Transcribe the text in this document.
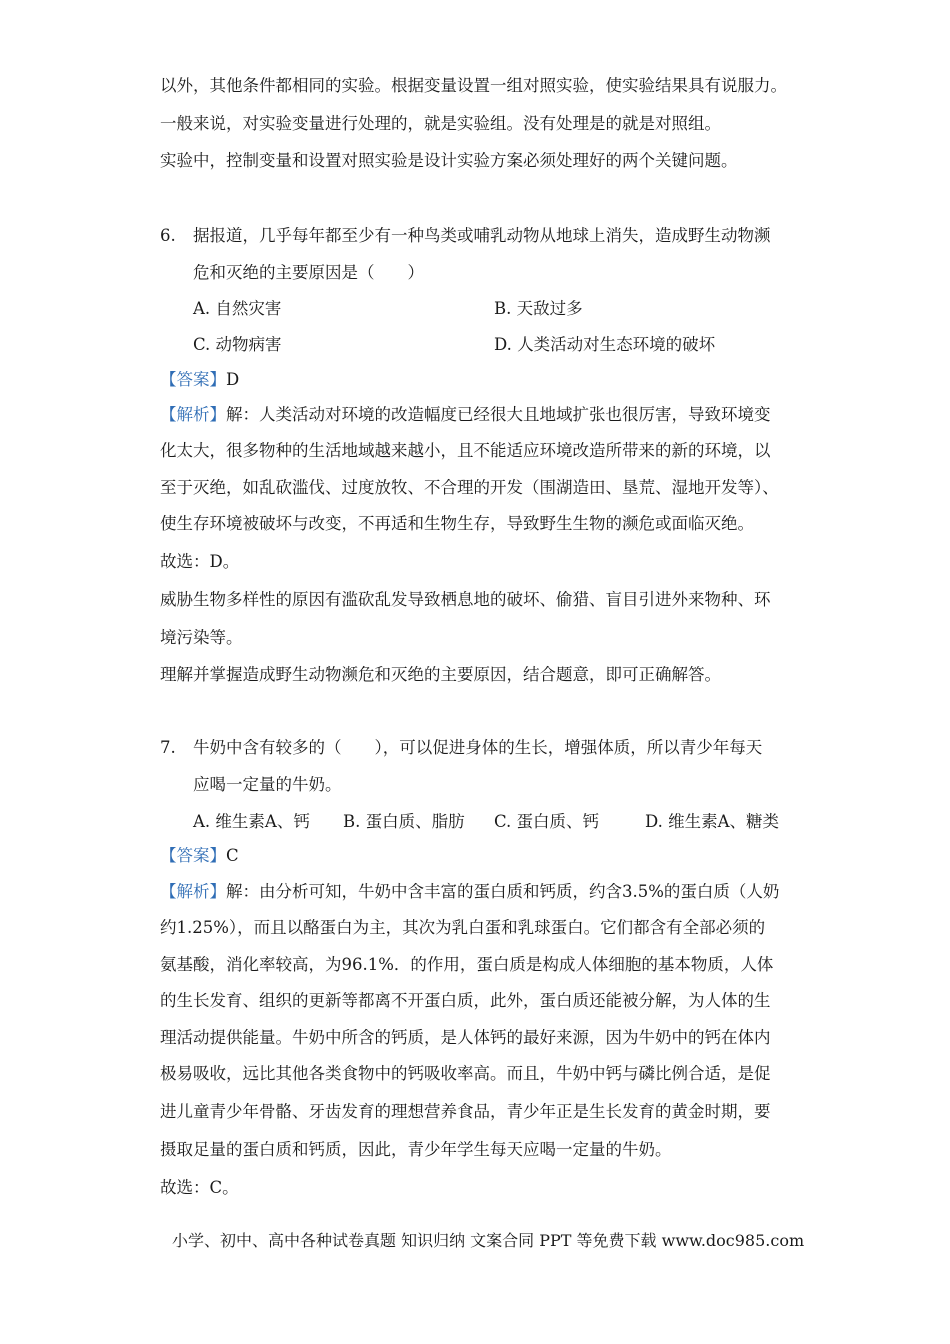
以外，其他条件都相同的实验。根据变量设置一组对照实验，使实验结果具有说服力。
一般来说，对实验变量进行处理的，就是实验组。没有处理是的就是对照组。
实验中，控制变量和设置对照实验是设计实验方案必须处理好的两个关键问题。
6. 据报道，几乎每年都至少有一种鸟类或哺乳动物从地球上消失，造成野生动物濒
危和灭绝的主要原因是（　　）
A. 自然灾害	B. 天敌过多
C. 动物病害	D. 人类活动对生态环境的破坏
【答案】D
【解析】解：人类活动对环境的改造幅度已经很大且地域扩张也很厉害，导致环境变
化太大，很多物种的生活地域越来越小，且不能适应环境改造所带来的新的环境，以
至于灭绝，如乱砍滥伐、过度放牧、不合理的开发（围湖造田、垦荒、湿地开发等）、
使生存环境被破坏与改变，不再适和生物生存，导致野生生物的濒危或面临灭绝。
故选：D。
威胁生物多样性的原因有滥砍乱发导致栖息地的破坏、偷猎、盲目引进外来物种、环
境污染等。
理解并掌握造成野生动物濒危和灭绝的主要原因，结合题意，即可正确解答。
7. 牛奶中含有较多的（　　），可以促进身体的生长，增强体质，所以青少年每天
应喝一定量的牛奶。
A. 维生素A、钙 B. 蛋白质、脂肪 C. 蛋白质、钙	D. 维生素A、糖类
【答案】C
【解析】解：由分析可知，牛奶中含丰富的蛋白质和钙质，约含3.5%的蛋白质（人奶
约1.25%），而且以酪蛋白为主，其次为乳白蛋和乳球蛋白。它们都含有全部必须的
氨基酸，消化率较高，为96.1%．的作用，蛋白质是构成人体细胞的基本物质，人体
的生长发育、组织的更新等都离不开蛋白质，此外，蛋白质还能被分解，为人体的生
理活动提供能量。牛奶中所含的钙质，是人体钙的最好来源，因为牛奶中的钙在体内
极易吸收，远比其他各类食物中的钙吸收率高。而且，牛奶中钙与磷比例合适，是促
进儿童青少年骨骼、牙齿发育的理想营养食品，青少年正是生长发育的黄金时期，要
摄取足量的蛋白质和钙质，因此，青少年学生每天应喝一定量的牛奶。
故选：C。
小学、初中、高中各种试卷真题 知识归纳 文案合同 PPT 等免费下载 www.doc985.com
